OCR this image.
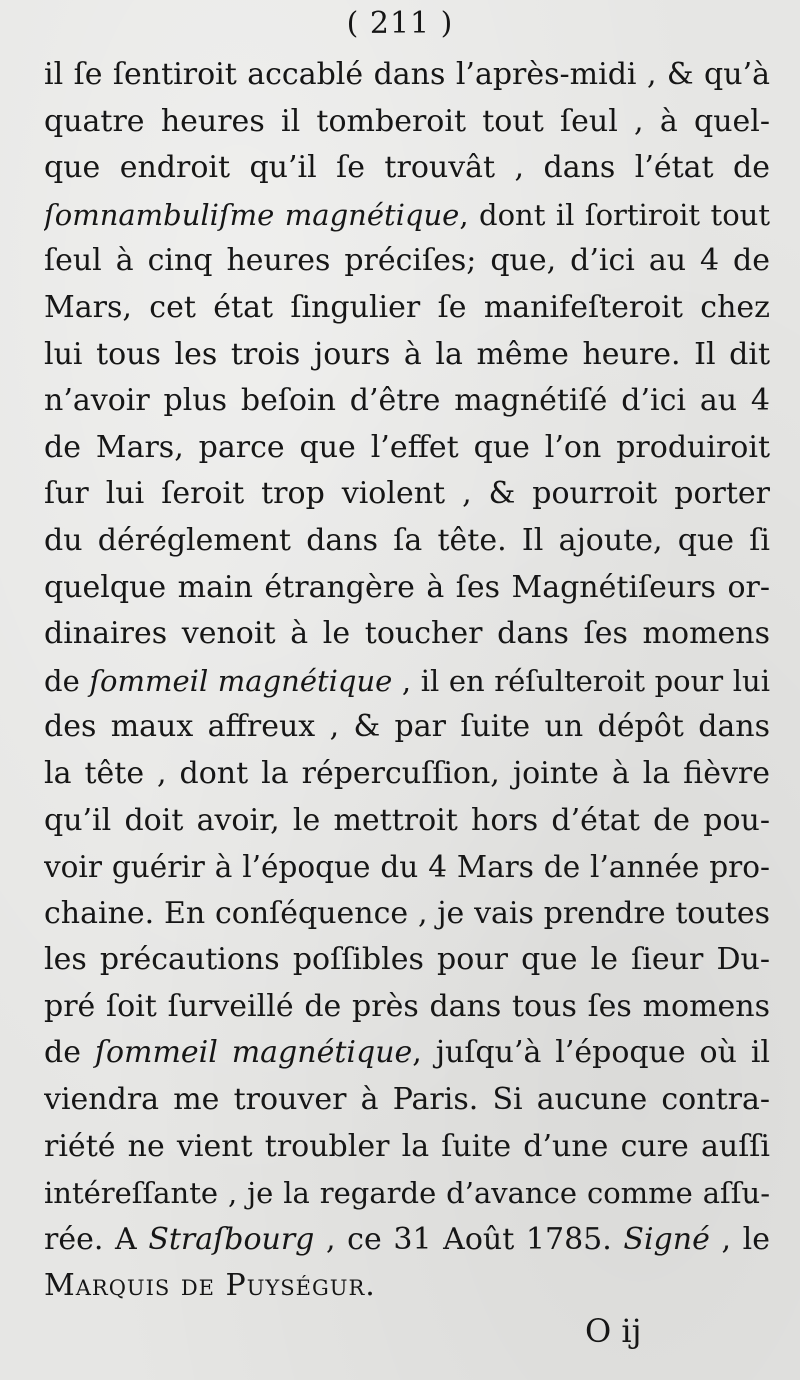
( 211 )
il ſe ſentiroit accablé dans l’après-midi , & qu’à
quatre heures il tomberoit tout ſeul , à quel-
que endroit qu’il ſe trouvât , dans l’état de
ſomnambuliſme magnétique, dont il ſortiroit tout
ſeul à cinq heures préciſes; que, d’ici au 4 de
Mars, cet état ſingulier ſe manifeſteroit chez
lui tous les trois jours à la même heure. Il dit
n’avoir plus beſoin d’être magnétiſé d’ici au 4
de Mars, parce que l’effet que l’on produiroit
ſur lui ſeroit trop violent , & pourroit porter
du déréglement dans ſa tête. Il ajoute, que ſi
quelque main étrangère à ſes Magnétiſeurs or-
dinaires venoit à le toucher dans ſes momens
de ſommeil magnétique , il en réſulteroit pour lui
des maux affreux , & par ſuite un dépôt dans
la tête , dont la répercuſſion, jointe à la fièvre
qu’il doit avoir, le mettroit hors d’état de pou-
voir guérir à l’époque du 4 Mars de l’année pro-
chaine. En conſéquence , je vais prendre toutes
les précautions poſſibles pour que le ſieur Du-
pré ſoit ſurveillé de près dans tous ſes momens
de ſommeil magnétique, juſqu’à l’époque où il
viendra me trouver à Paris. Si aucune contra-
riété ne vient troubler la ſuite d’une cure auſſi
intéreſſante , je la regarde d’avance comme aſſu-
rée. A Straſbourg , ce 31 Août 1785. Signé , le
Marquis de Puységur.
O ij
